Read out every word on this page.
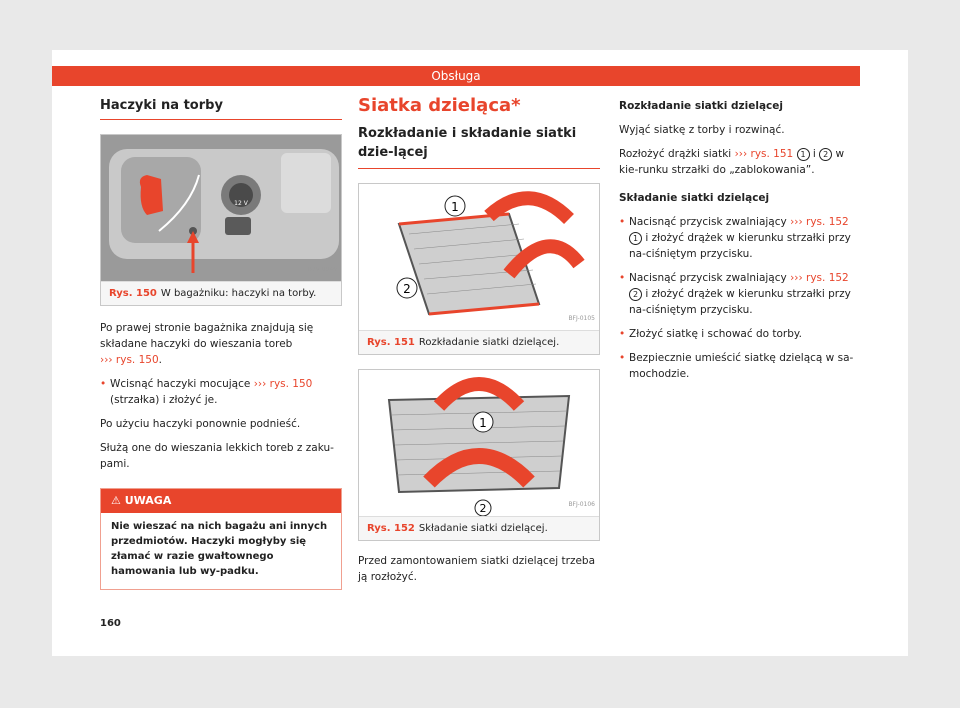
Obsługa
Haczyki na torby
12 V
B7V-0949
Rys. 150 W bagażniku: haczyki na torby.

Po prawej stronie bagażnika znajdują się składane haczyki do wieszania toreb
››› rys. 150.

• Wcisnąć haczyki mocujące ››› rys. 150 (strzałka) i złożyć je.

Po użyciu haczyki ponownie podnieść.

Służą one do wieszania lekkich toreb z zaku-pami.

⚠ UWAGA
Nie wieszać na nich bagażu ani innych przedmiotów. Haczyki mogłyby się złamać w razie gwałtownego hamowania lub wy-padku.
Siatka dzieląca*
Rozkładanie i składanie siatki dzie-lącej
1
2
BFJ-0105
Rys. 151 Rozkładanie siatki dzielącej.
1
2	BFJ-0106
Rys. 152 Składanie siatki dzielącej.

Przed zamontowaniem siatki dzielącej trzeba ją rozłożyć.

Rozkładanie siatki dzielącej

Wyjąć siatkę z torby i rozwinąć.

Rozłożyć drążki siatki ››› rys. 151 1 i 2 w kie-runku strzałki do „zablokowania”.

Składanie siatki dzielącej
• Nacisnąć przycisk zwalniający ››› rys. 152
1 i złożyć drążek w kierunku strzałki przy na-ciśniętym przycisku.
• Nacisnąć przycisk zwalniający ››› rys. 152
2 i złożyć drążek w kierunku strzałki przy na-ciśniętym przycisku.
• Złożyć siatkę i schować do torby.
• Bezpiecznie umieścić siatkę dzielącą w sa-mochodzie.
160
